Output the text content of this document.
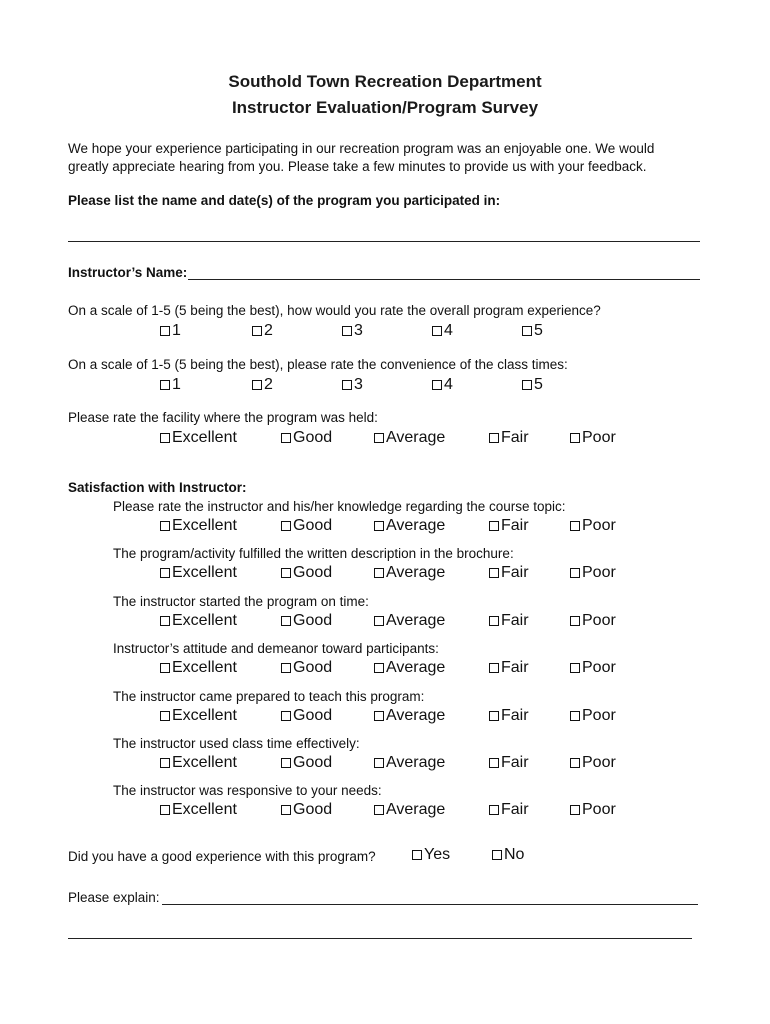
Southold Town Recreation Department
Instructor Evaluation/Program Survey
We hope your experience participating in our recreation program was an enjoyable one. We would
greatly appreciate hearing from you. Please take a few minutes to provide us with your feedback.
Please list the name and date(s) of the program you participated in:
Instructor’s Name:
On a scale of 1-5 (5 being the best), how would you rate the overall program experience?
1	2	3	4	5
On a scale of 1-5 (5 being the best), please rate the convenience of the class times:
1	2	3	4	5
Please rate the facility where the program was held:
Excellent	Good	Average	Fair	Poor
Satisfaction with Instructor:
Please rate the instructor and his/her knowledge regarding the course topic:
Excellent	Good	Average	Fair	Poor
The program/activity fulfilled the written description in the brochure:
Excellent	Good	Average	Fair	Poor
The instructor started the program on time:
Excellent	Good	Average	Fair	Poor
Instructor’s attitude and demeanor toward participants:
Excellent	Good	Average	Fair	Poor
The instructor came prepared to teach this program:
Excellent	Good	Average	Fair	Poor
The instructor used class time effectively:
Excellent	Good	Average	Fair	Poor
The instructor was responsive to your needs:
Excellent	Good	Average	Fair	Poor
Did you have a good experience with this program?	Yes	No
Please explain:
